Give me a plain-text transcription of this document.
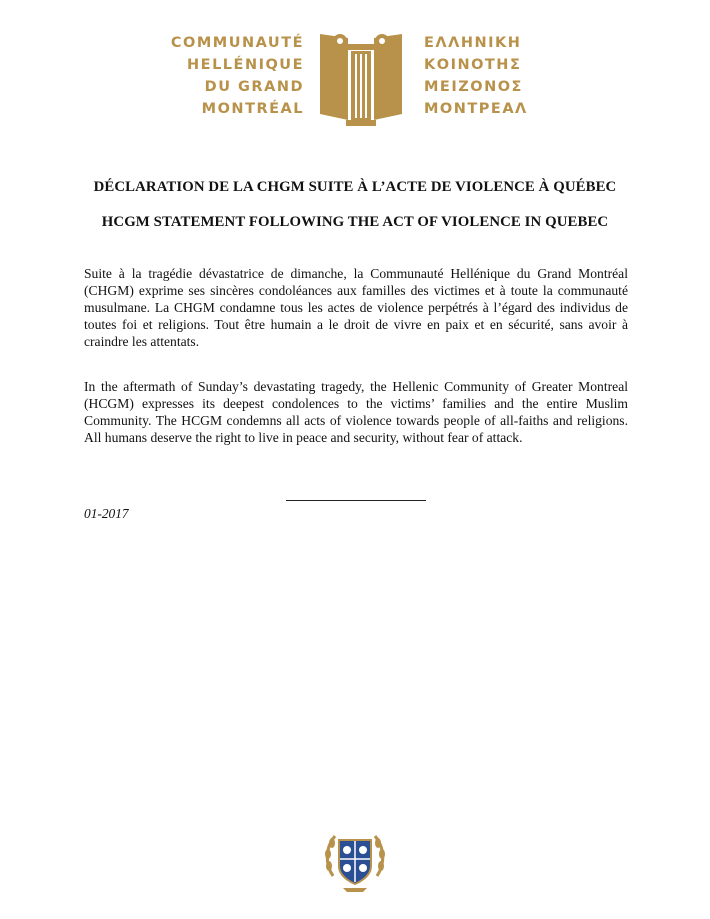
COMMUNAUTÉ
HELLÉNIQUE
DU GRAND
MONTRÉAL
ΕΛΛΗΝΙΚΗ
ΚΟΙΝΟΤΗΣ
ΜΕΙΖΟΝΟΣ
ΜΟΝΤΡΕΑΛ
DÉCLARATION DE LA CHGM SUITE À L’ACTE DE VIOLENCE À QUÉBEC
HCGM STATEMENT FOLLOWING THE ACT OF VIOLENCE IN QUEBEC

Suite à la tragédie dévastatrice de dimanche, la Communauté Hellénique du Grand Montréal (CHGM) exprime ses sincères condoléances aux familles des victimes et à toute la communauté musulmane. La CHGM condamne tous les actes de violence perpétrés à l’égard des individus de toutes foi et religions. Tout être humain a le droit de vivre en paix et en sécurité, sans avoir à craindre les attentats.

In the aftermath of Sunday’s devastating tragedy, the Hellenic Community of Greater Montreal (HCGM) expresses its deepest condolences to the victims’ families and the entire Muslim Community. The HCGM condemns all acts of violence towards people of all-faiths and religions. All humans deserve the right to live in peace and security, without fear of attack.

01-2017
